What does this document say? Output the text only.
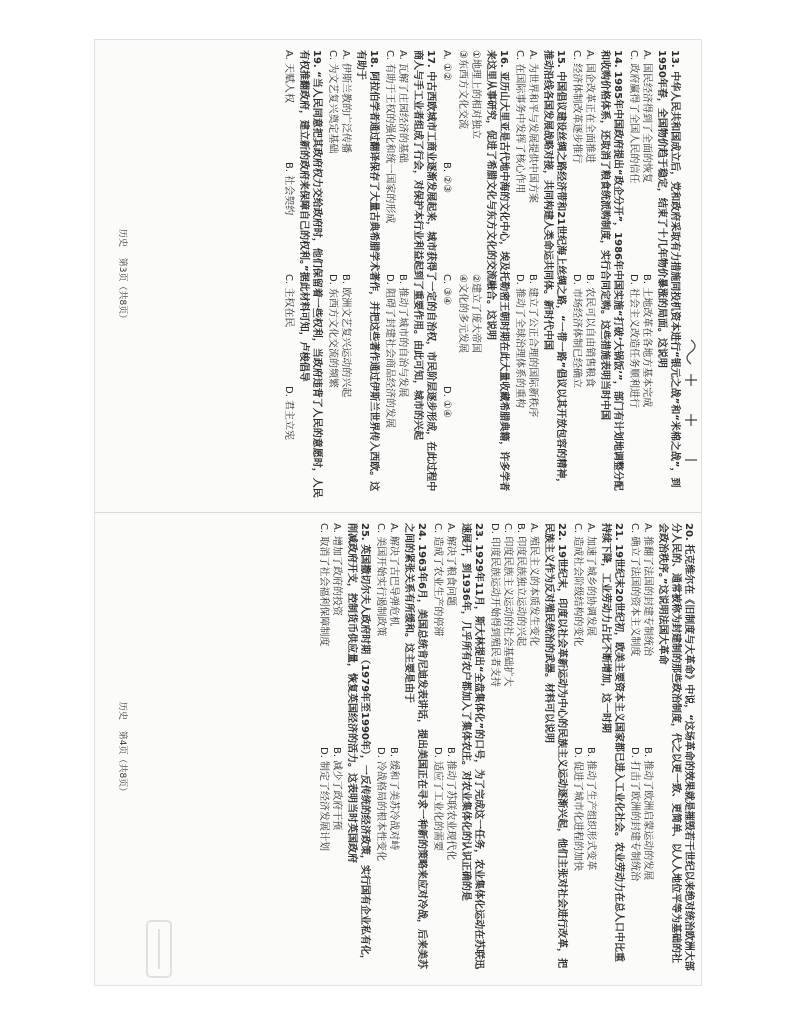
13. 中华人民共和国成立后，党和政府采取有力措施同投机资本进行“银元之战”和“米棉之战”，到1950年春，全国物价趋于稳定，结束了十几年物价暴涨的局面。这说明

A. 国民经济得到了全面的恢复
B. 土地改革在各地方基本完成
C. 政府赢得了全国人民的信任
D. 社会主义改造任务顺利进行

14. 1985年中国政府提出“政企分开”，1986年中国实施“打破‘大锅饭’”，部门有计划地调整分配和收购价格体系，还取消了粮食统派购制度，实行合同定购。这些措施表明当时中国

A. 国企改革正在全面推进
B. 农民可以自由销售粮食
C. 经济体制改革逐步推行
D. 市场经济体制已经确立

15. 中国倡议建设丝绸之路经济带和21世纪海上丝绸之路，“一带一路”倡议以其开放包容的精神，推动沿线各国发展战略对接，共同构建人类命运共同体。新时代中国

A. 为世界和平与发展提供中国方案
B. 建立了公正合理的国际新秩序
C. 在国际事务中发挥了核心作用
D. 推动了全球治理体系的重构

16. 亚历山大里亚是古代地中海的文化中心，埃及托勒密王朝时期在此大量收藏希腊典籍，许多学者来这里从事研究，促进了希腊文化与东方文化的交流融合。这说明

①地理上的相对独立
②建立了庞大帝国
③东西方文化交流
④文化的多元发展
A. ①②
B. ②③
C. ③④
D. ①④

17. 中古西欧城市工商业逐渐发展起来，城市获得了一定的自治权，市民阶层逐步形成，在此过程中商人与手工业者组成了行会，对保护本行业利益起到了重要作用。由此可知，城市的兴起

A. 瓦解了庄园经济的基础
B. 推动了城市的自治与发展
C. 有助于王权的强化和统一国家的形成
D. 阻碍了封建社会商品经济的发展

18. 阿拉伯学者通过翻译保存了大量古典希腊学术著作，并把这些著作通过伊斯兰世界传入西欧。这有助于

A. 伊斯兰教的广泛传播
B. 欧洲文艺复兴运动的兴起
C. 为文艺复兴奠定基础
D. 东西方文化交流的频繁

19. “当人民同意把其政府权力交给政府时，他们保留着一些权利，当政府违背了人民的意愿时，人民有权推翻政府，建立新的政府来保障自己的权利。”据此材料可知，卢梭倡导

A. 天赋人权
B. 社会契约
C. 主权在民
D. 君主立宪
历史 第3页（共8页）

20. 托克维尔在《旧制度与大革命》中说，“这场革命的效果就是摧毁若干世纪以来绝对统治欧洲大部分人民的、通常被称为封建制的那些政治制度，代之以更一致、更简单、以人人地位平等为基础的社会政治秩序。”这说明法国大革命

A. 推翻了法国的封建专制统治
B. 推动了欧洲启蒙运动的发展
C. 确立了法国的资本主义制度
D. 打击了欧洲的封建专制统治

21. 19世纪末20世纪初，欧美主要资本主义国家都已进入工业化社会。农业劳动力在总人口中比重持续下降，工业劳动力占比不断增加，这一时期

A. 加速了城乡的协调发展
B. 推动了生产组织形式变革
C. 造成社会阶级结构的变化
D. 促进了城市化进程的加快

22. 19世纪末，印度以社会革新运动为中心的民族主义运动逐渐兴起，他们主张对社会进行改革，把民族主义作为反对殖民统治的武器。材料可以说明

A. 殖民主义的本质发生变化
B. 印度民族独立运动的兴起
C. 印度民族主义运动的社会基础扩大
D. 印度民族运动开始得到殖民者支持

23. 1929年11月，斯大林提出“全盘集体化”的口号，为了完成这一任务，农业集体化运动在苏联迅速展开，到1936年，几乎所有农户都加入了集体农庄。对农业集体化的认识正确的是

A. 解决了粮食问题
B. 推动了苏联农业现代化
C. 造成了农业生产的停滞
D. 适应了工业化的需要

24. 1963年6月，美国总统肯尼迪发表讲话，提出美国正在寻求一种新的策略来应对冷战，后来美苏之间的紧张关系有所缓和。这主要是由于

A. 解决了古巴导弹危机
B. 缓和了美苏冷战对峙
C. 美国开始实行遏制政策
D. 冷战格局的根本性变化

25. 英国撒切尔夫人政府时期（1979年至1990年），一反传统的经济政策，实行国有企业私有化，削减政府开支，控制货币供应量，恢复英国经济的活力。这表明当时英国政府

A. 增加了政府的投资
B. 减少了政府干预
C. 取消了社会福利保障制度
D. 制定了经济发展计划
历史 第4页（共8页）
